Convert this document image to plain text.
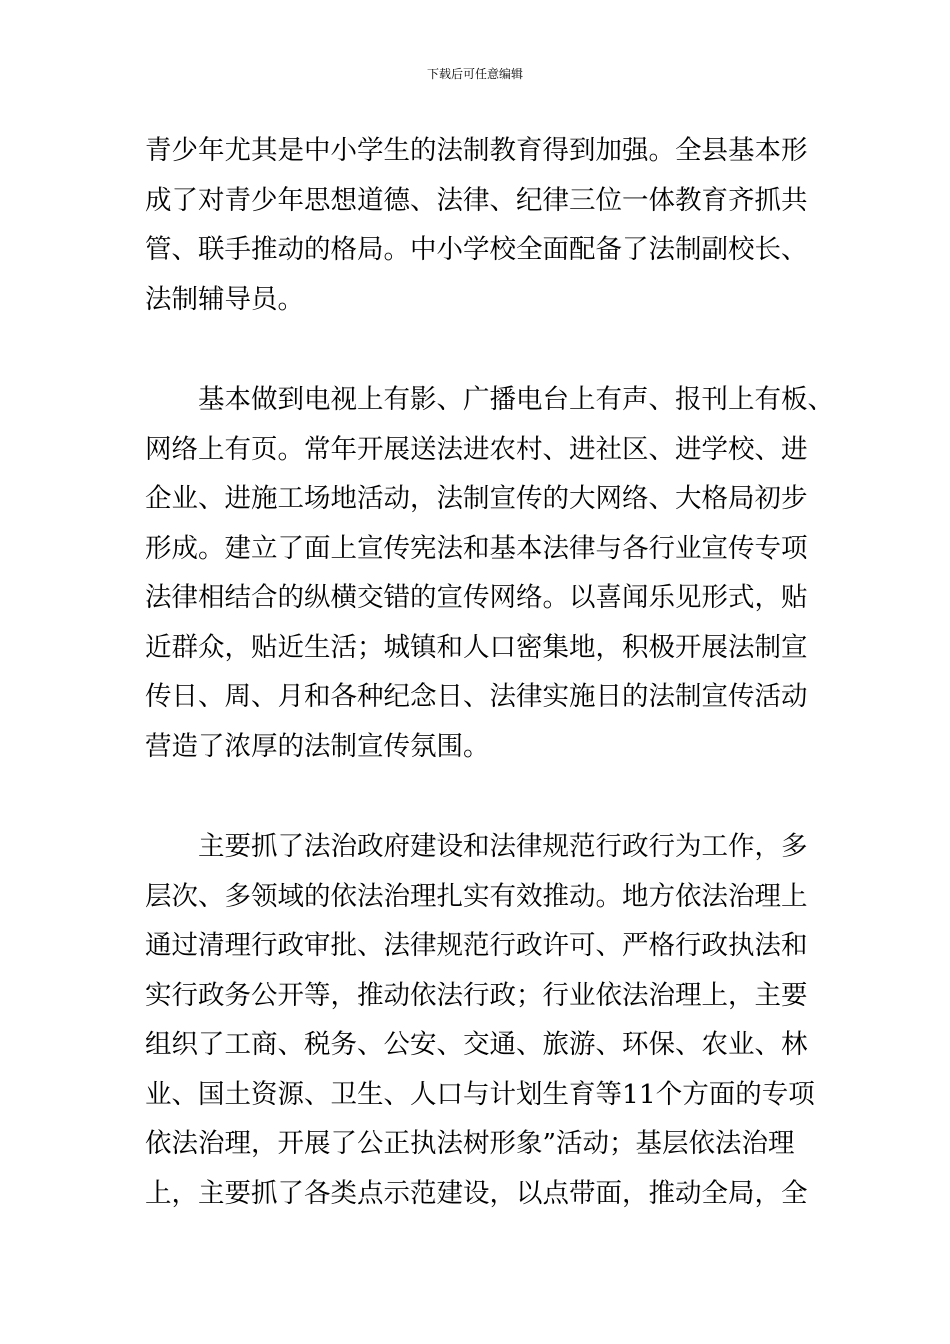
下载后可任意编辑

青少年尤其是中小学生的法制教育得到加强。全县基本形
成了对青少年思想道德、法律、纪律三位一体教育齐抓共
管、联手推动的格局。中小学校全面配备了法制副校长、
法制辅导员。

基本做到电视上有影、广播电台上有声、报刊上有板、
网络上有页。常年开展送法进农村、进社区、进学校、进
企业、进施工场地活动，法制宣传的大网络、大格局初步
形成。建立了面上宣传宪法和基本法律与各行业宣传专项
法律相结合的纵横交错的宣传网络。以喜闻乐见形式，贴
近群众，贴近生活；城镇和人口密集地，积极开展法制宣
传日、周、月和各种纪念日、法律实施日的法制宣传活动
营造了浓厚的法制宣传氛围。

主要抓了法治政府建设和法律规范行政行为工作，多
层次、多领域的依法治理扎实有效推动。地方依法治理上
通过清理行政审批、法律规范行政许可、严格行政执法和
实行政务公开等，推动依法行政；行业依法治理上，主要
组织了工商、税务、公安、交通、旅游、环保、农业、林
业、国土资源、卫生、人口与计划生育等11个方面的专项
依法治理，开展了公正执法树形象”活动；基层依法治理
上，主要抓了各类点示范建设，以点带面，推动全局，全
